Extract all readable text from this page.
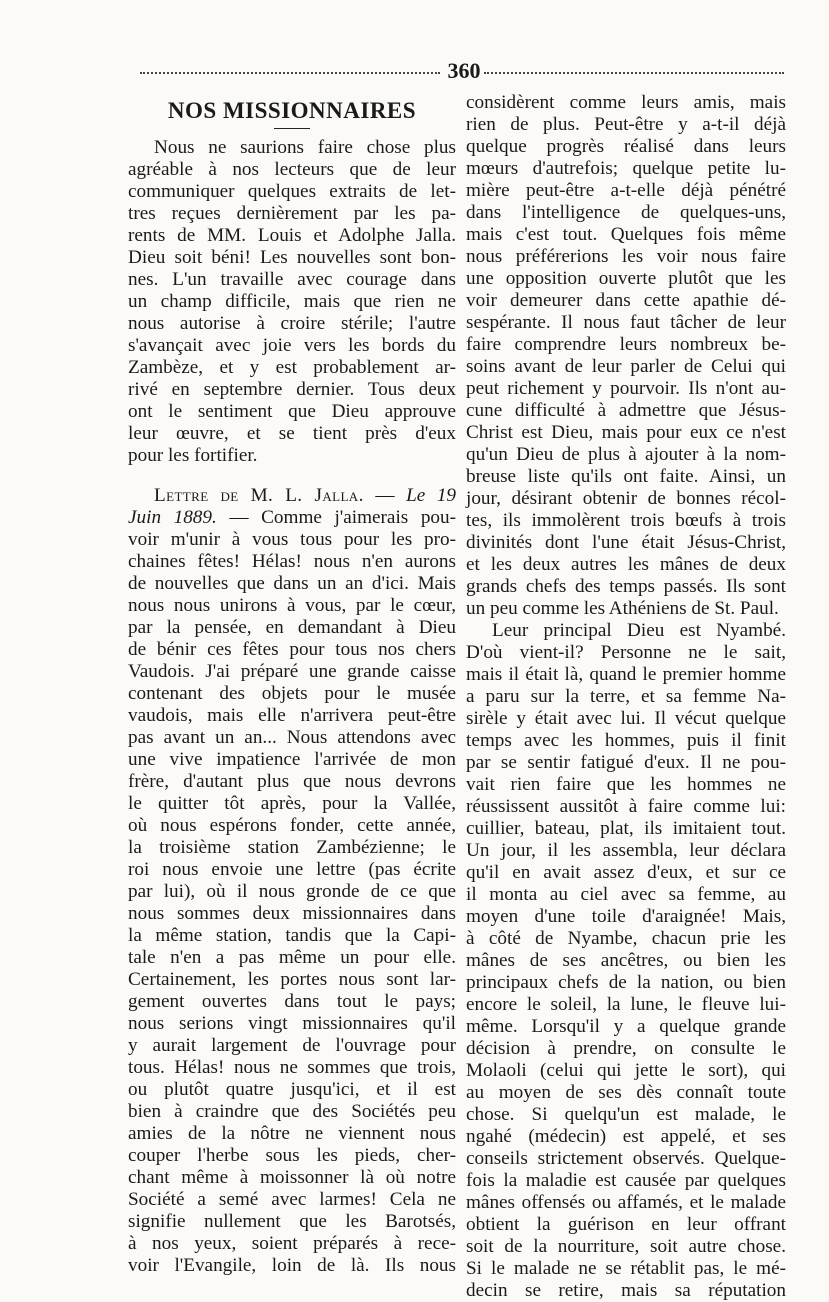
360
NOS MISSIONNAIRES

Nous ne saurions faire chose plus

agréable à nos lecteurs que de leur

communiquer quelques extraits de let-

tres reçues dernièrement par les pa-

rents de MM. Louis et Adolphe Jalla.

Dieu soit béni! Les nouvelles sont bon-

nes. L'un travaille avec courage dans

un champ difficile, mais que rien ne

nous autorise à croire stérile; l'autre

s'avançait avec joie vers les bords du

Zambèze, et y est probablement ar-

rivé en septembre dernier. Tous deux

ont le sentiment que Dieu approuve

leur œuvre, et se tient près d'eux

pour les fortifier.

Lettre de M. L. Jalla. — Le 19

Juin 1889. — Comme j'aimerais pou-

voir m'unir à vous tous pour les pro-

chaines fêtes! Hélas! nous n'en aurons

de nouvelles que dans un an d'ici. Mais

nous nous unirons à vous, par le cœur,

par la pensée, en demandant à Dieu

de bénir ces fêtes pour tous nos chers

Vaudois. J'ai préparé une grande caisse

contenant des objets pour le musée

vaudois, mais elle n'arrivera peut-être

pas avant un an... Nous attendons avec

une vive impatience l'arrivée de mon

frère, d'autant plus que nous devrons

le quitter tôt après, pour la Vallée,

où nous espérons fonder, cette année,

la troisième station Zambézienne; le

roi nous envoie une lettre (pas écrite

par lui), où il nous gronde de ce que

nous sommes deux missionnaires dans

la même station, tandis que la Capi-

tale n'en a pas même un pour elle.

Certainement, les portes nous sont lar-

gement ouvertes dans tout le pays;

nous serions vingt missionnaires qu'il

y aurait largement de l'ouvrage pour

tous. Hélas! nous ne sommes que trois,

ou plutôt quatre jusqu'ici, et il est

bien à craindre que des Sociétés peu

amies de la nôtre ne viennent nous

couper l'herbe sous les pieds, cher-

chant même à moissonner là où notre

Société a semé avec larmes! Cela ne

signifie nullement que les Barotsés,

à nos yeux, soient préparés à rece-

voir l'Evangile, loin de là. Ils nous

considèrent comme leurs amis, mais

rien de plus. Peut-être y a-t-il déjà

quelque progrès réalisé dans leurs

mœurs d'autrefois; quelque petite lu-

mière peut-être a-t-elle déjà pénétré

dans l'intelligence de quelques-uns,

mais c'est tout. Quelques fois même

nous préférerions les voir nous faire

une opposition ouverte plutôt que les

voir demeurer dans cette apathie dé-

sespérante. Il nous faut tâcher de leur

faire comprendre leurs nombreux be-

soins avant de leur parler de Celui qui

peut richement y pourvoir. Ils n'ont au-

cune difficulté à admettre que Jésus-

Christ est Dieu, mais pour eux ce n'est

qu'un Dieu de plus à ajouter à la nom-

breuse liste qu'ils ont faite. Ainsi, un

jour, désirant obtenir de bonnes récol-

tes, ils immolèrent trois bœufs à trois

divinités dont l'une était Jésus-Christ,

et les deux autres les mânes de deux

grands chefs des temps passés. Ils sont

un peu comme les Athéniens de St. Paul.

Leur principal Dieu est Nyambé.

D'où vient-il? Personne ne le sait,

mais il était là, quand le premier homme

a paru sur la terre, et sa femme Na-

sirèle y était avec lui. Il vécut quelque

temps avec les hommes, puis il finit

par se sentir fatigué d'eux. Il ne pou-

vait rien faire que les hommes ne

réussissent aussitôt à faire comme lui:

cuillier, bateau, plat, ils imitaient tout.

Un jour, il les assembla, leur déclara

qu'il en avait assez d'eux, et sur ce

il monta au ciel avec sa femme, au

moyen d'une toile d'araignée! Mais,

à côté de Nyambe, chacun prie les

mânes de ses ancêtres, ou bien les

principaux chefs de la nation, ou bien

encore le soleil, la lune, le fleuve lui-

même. Lorsqu'il y a quelque grande

décision à prendre, on consulte le

Molaoli (celui qui jette le sort), qui

au moyen de ses dès connaît toute

chose. Si quelqu'un est malade, le

ngahé (médecin) est appelé, et ses

conseils strictement observés. Quelque-

fois la maladie est causée par quelques

mânes offensés ou affamés, et le malade

obtient la guérison en leur offrant

soit de la nourriture, soit autre chose.

Si le malade ne se rétablit pas, le mé-

decin se retire, mais sa réputation
